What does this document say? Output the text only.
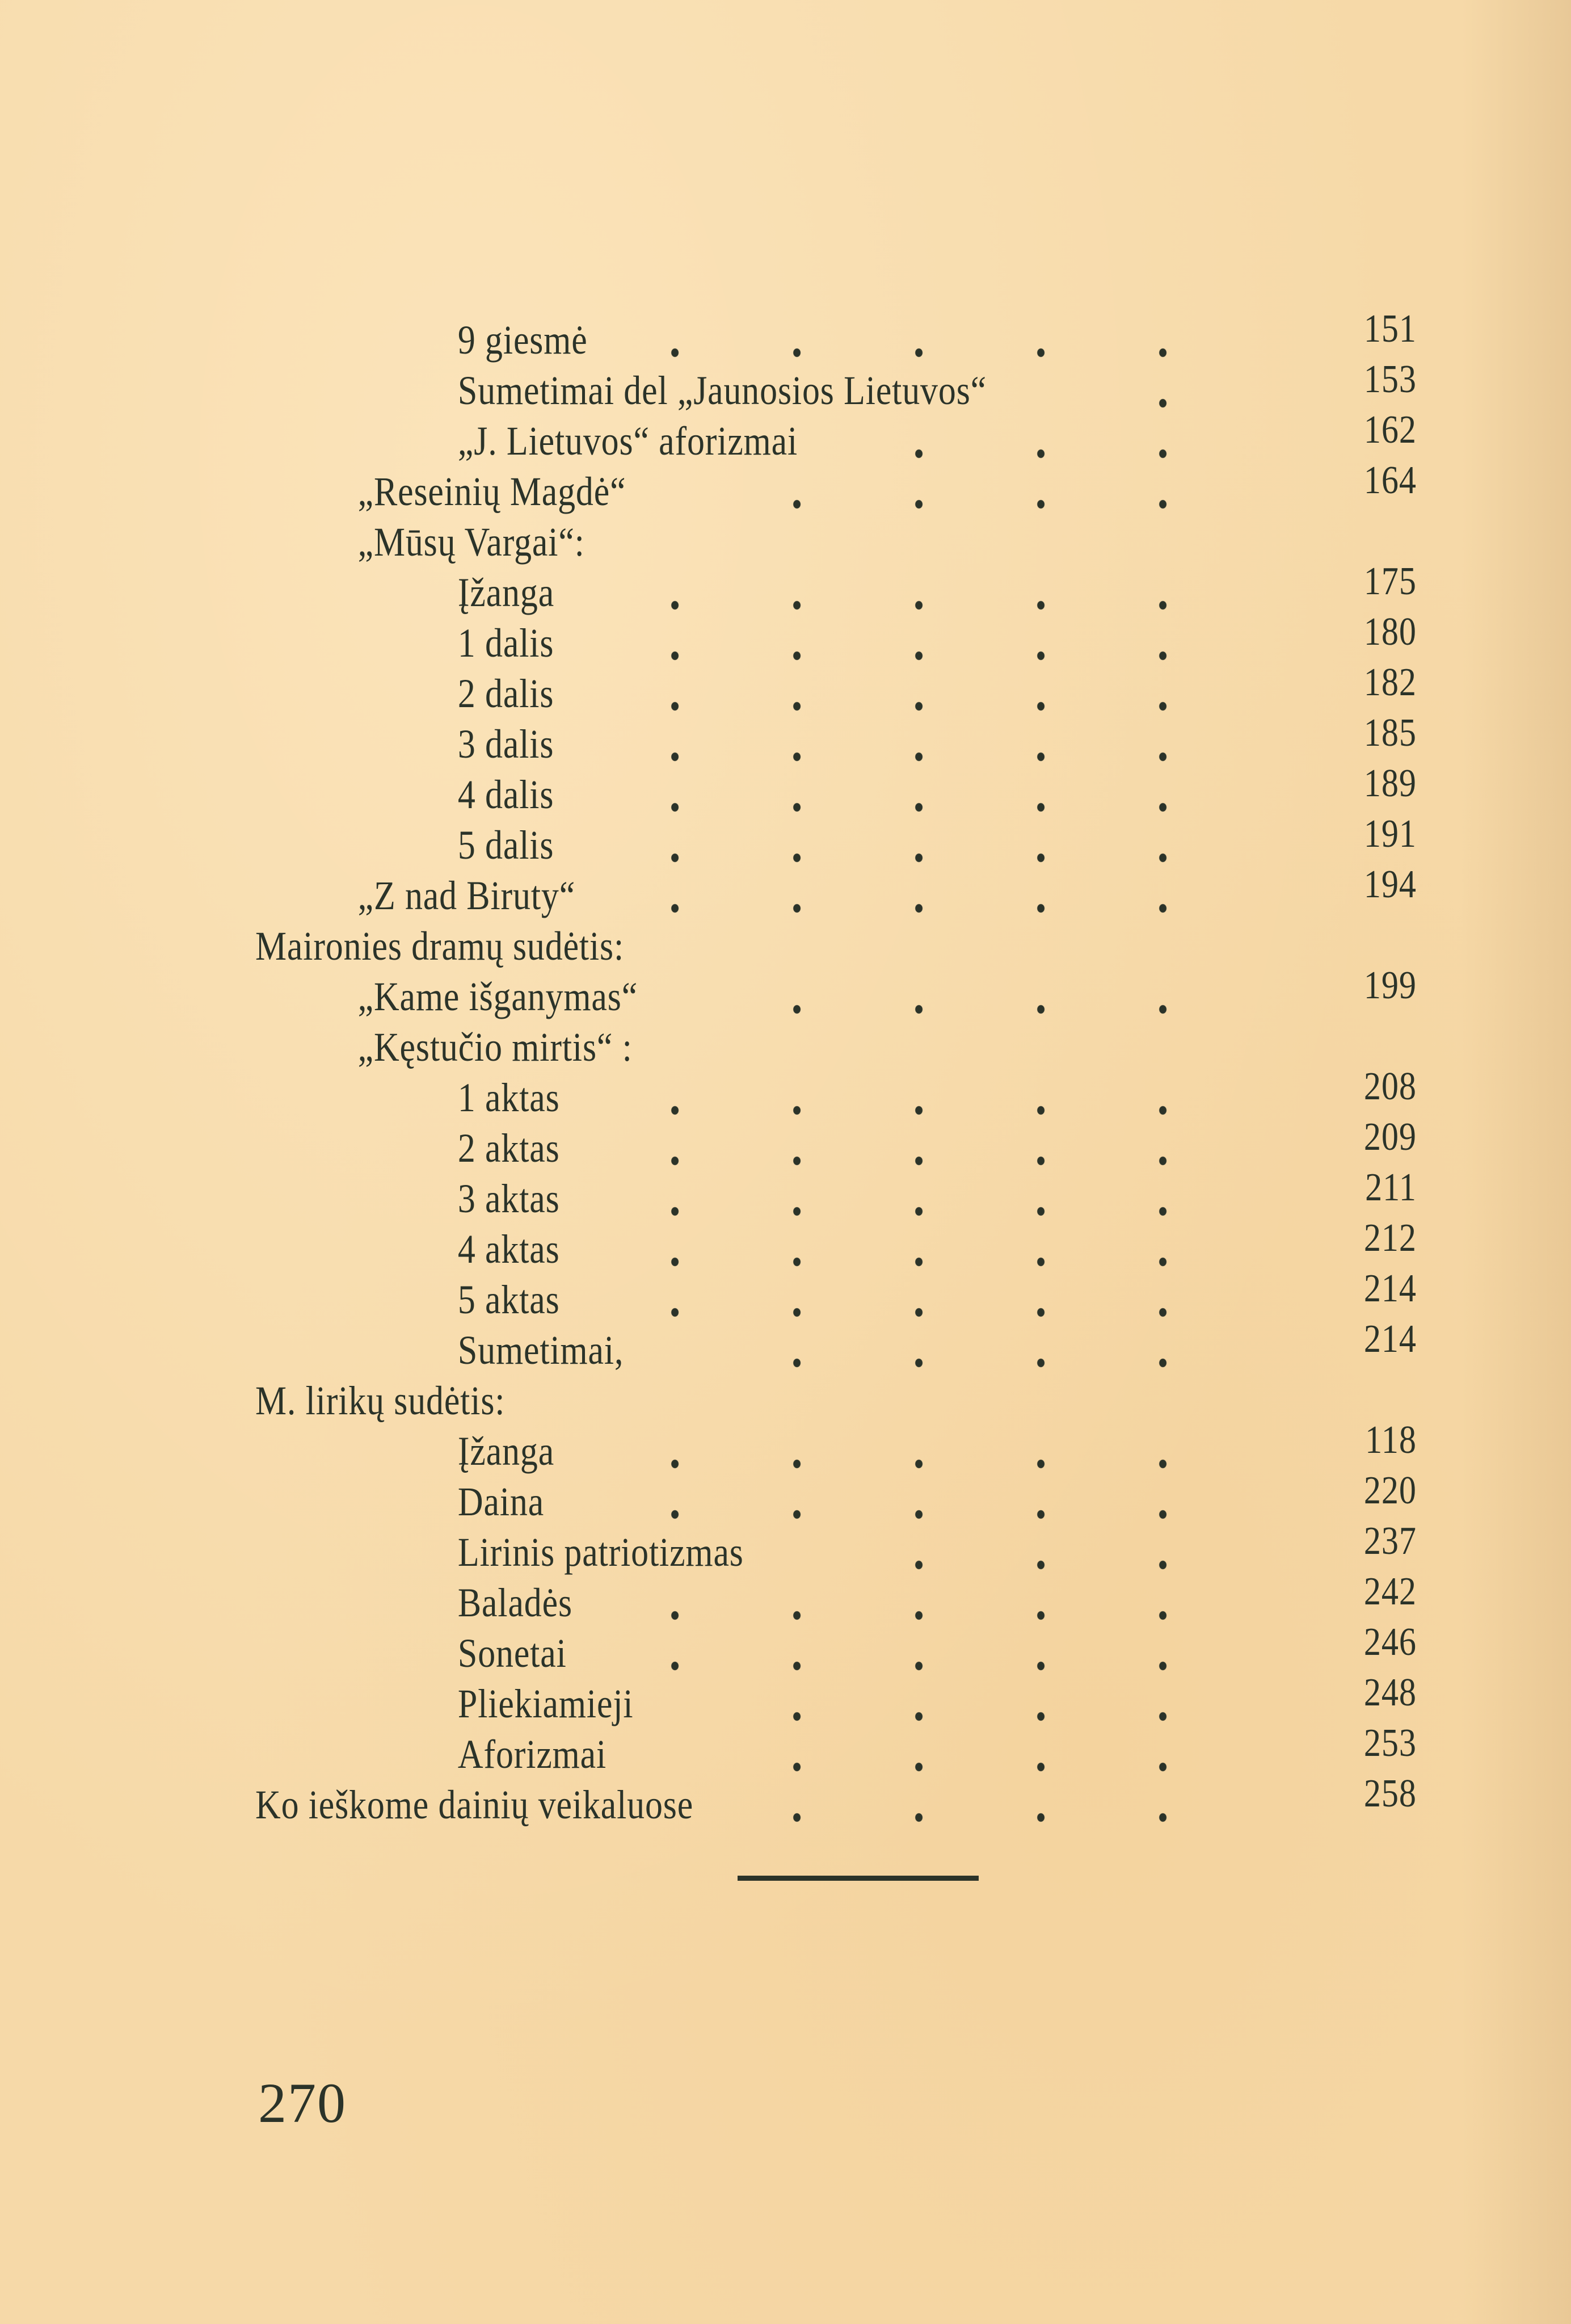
9 giesmė	151
Sumetimai del „Jaunosios Lietuvos“	153
„J. Lietuvos“ aforizmai	162
„Reseinių Magdė“	164
„Mūsų Vargai“:
Įžanga	175
1 dalis	180
2 dalis	182
3 dalis	185
4 dalis	189
5 dalis	191
„Z nad Biruty“	194
Maironies dramų sudėtis:
„Kame išganymas“	199
„Kęstučio mirtis“ :
1 aktas	208
2 aktas	209
3 aktas	211
4 aktas	212
5 aktas	214
Sumetimai,	214
M. lirikų sudėtis:
Įžanga	118
Daina	220
Lirinis patriotizmas	237
Baladės	242
Sonetai	246
Pliekiamieji	248
Aforizmai	253
Ko ieškome dainių veikaluose	258
270
